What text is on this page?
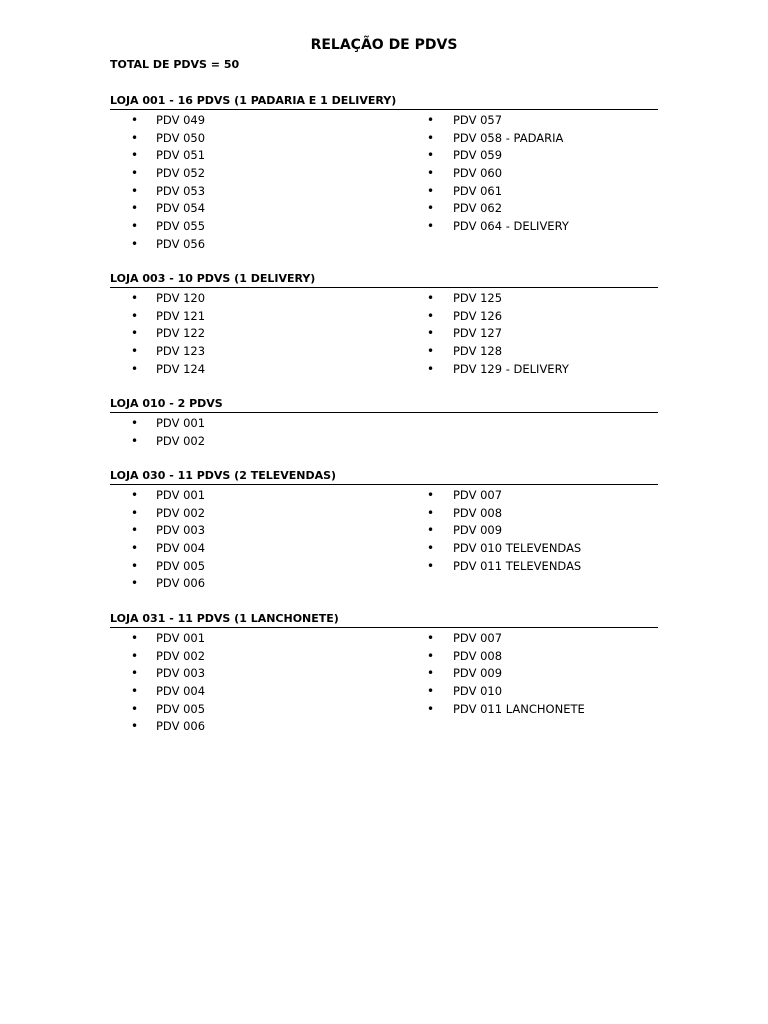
RELAÇÃO DE PDVS
TOTAL DE PDVS = 50
LOJA 001 - 16 PDVS (1 PADARIA E 1 DELIVERY)
•	PDV 049
•	PDV 050
•	PDV 051
•	PDV 052
•	PDV 053
•	PDV 054
•	PDV 055
•	PDV 056
•	PDV 057
•	PDV 058 - PADARIA
•	PDV 059
•	PDV 060
•	PDV 061
•	PDV 062
•	PDV 064 - DELIVERY
LOJA 003 - 10 PDVS (1 DELIVERY)
•	PDV 120
•	PDV 121
•	PDV 122
•	PDV 123
•	PDV 124
•	PDV 125
•	PDV 126
•	PDV 127
•	PDV 128
•	PDV 129 - DELIVERY
LOJA 010 - 2 PDVS
•	PDV 001
•	PDV 002
LOJA 030 - 11 PDVS (2 TELEVENDAS)
•	PDV 001
•	PDV 002
•	PDV 003
•	PDV 004
•	PDV 005
•	PDV 006
•	PDV 007
•	PDV 008
•	PDV 009
•	PDV 010 TELEVENDAS
•	PDV 011 TELEVENDAS
LOJA 031 - 11 PDVS (1 LANCHONETE)
•	PDV 001
•	PDV 002
•	PDV 003
•	PDV 004
•	PDV 005
•	PDV 006
•	PDV 007
•	PDV 008
•	PDV 009
•	PDV 010
•	PDV 011 LANCHONETE
